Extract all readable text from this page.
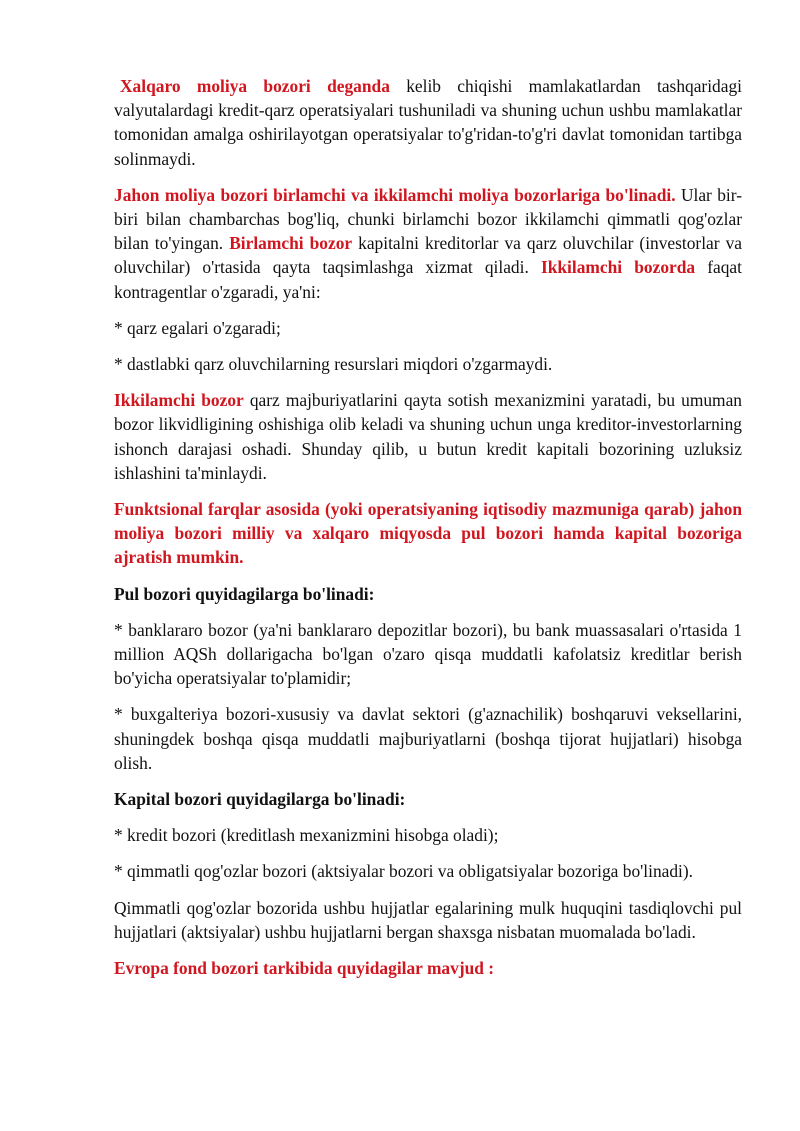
Xalqaro moliya bozori deganda kelib chiqishi mamlakatlardan tashqaridagi valyutalardagi kredit-qarz operatsiyalari tushuniladi va shuning uchun ushbu mamlakatlar tomonidan amalga oshirilayotgan operatsiyalar to'g'ridan-to'g'ri davlat tomonidan tartibga solinmaydi.

Jahon moliya bozori birlamchi va ikkilamchi moliya bozorlariga bo'linadi. Ular bir-biri bilan chambarchas bog'liq, chunki birlamchi bozor ikkilamchi qimmatli qog'ozlar bilan to'yingan. Birlamchi bozor kapitalni kreditorlar va qarz oluvchilar (investorlar va oluvchilar) o'rtasida qayta taqsimlashga xizmat qiladi. Ikkilamchi bozorda faqat kontragentlar o'zgaradi, ya'ni:

* qarz egalari o'zgaradi;

* dastlabki qarz oluvchilarning resurslari miqdori o'zgarmaydi.

Ikkilamchi bozor qarz majburiyatlarini qayta sotish mexanizmini yaratadi, bu umuman bozor likvidligining oshishiga olib keladi va shuning uchun unga kreditor-investorlarning ishonch darajasi oshadi. Shunday qilib, u butun kredit kapitali bozorining uzluksiz ishlashini ta'minlaydi.

Funktsional farqlar asosida (yoki operatsiyaning iqtisodiy mazmuniga qarab) jahon moliya bozori milliy va xalqaro miqyosda pul bozori hamda kapital bozoriga ajratish mumkin.

Pul bozori quyidagilarga bo'linadi:

* banklararo bozor (ya'ni banklararo depozitlar bozori), bu bank muassasalari o'rtasida 1 million AQSh dollarigacha bo'lgan o'zaro qisqa muddatli kafolatsiz kreditlar berish bo'yicha operatsiyalar to'plamidir;

* buxgalteriya bozori-xususiy va davlat sektori (g'aznachilik) boshqaruvi veksellarini, shuningdek boshqa qisqa muddatli majburiyatlarni (boshqa tijorat hujjatlari) hisobga olish.

Kapital bozori quyidagilarga bo'linadi:

* kredit bozori (kreditlash mexanizmini hisobga oladi);

* qimmatli qog'ozlar bozori (aktsiyalar bozori va obligatsiyalar bozoriga bo'linadi).

Qimmatli qog'ozlar bozorida ushbu hujjatlar egalarining mulk huquqini tasdiqlovchi pul hujjatlari (aktsiyalar) ushbu hujjatlarni bergan shaxsga nisbatan muomalada bo'ladi.

Evropa fond bozori tarkibida quyidagilar mavjud :
